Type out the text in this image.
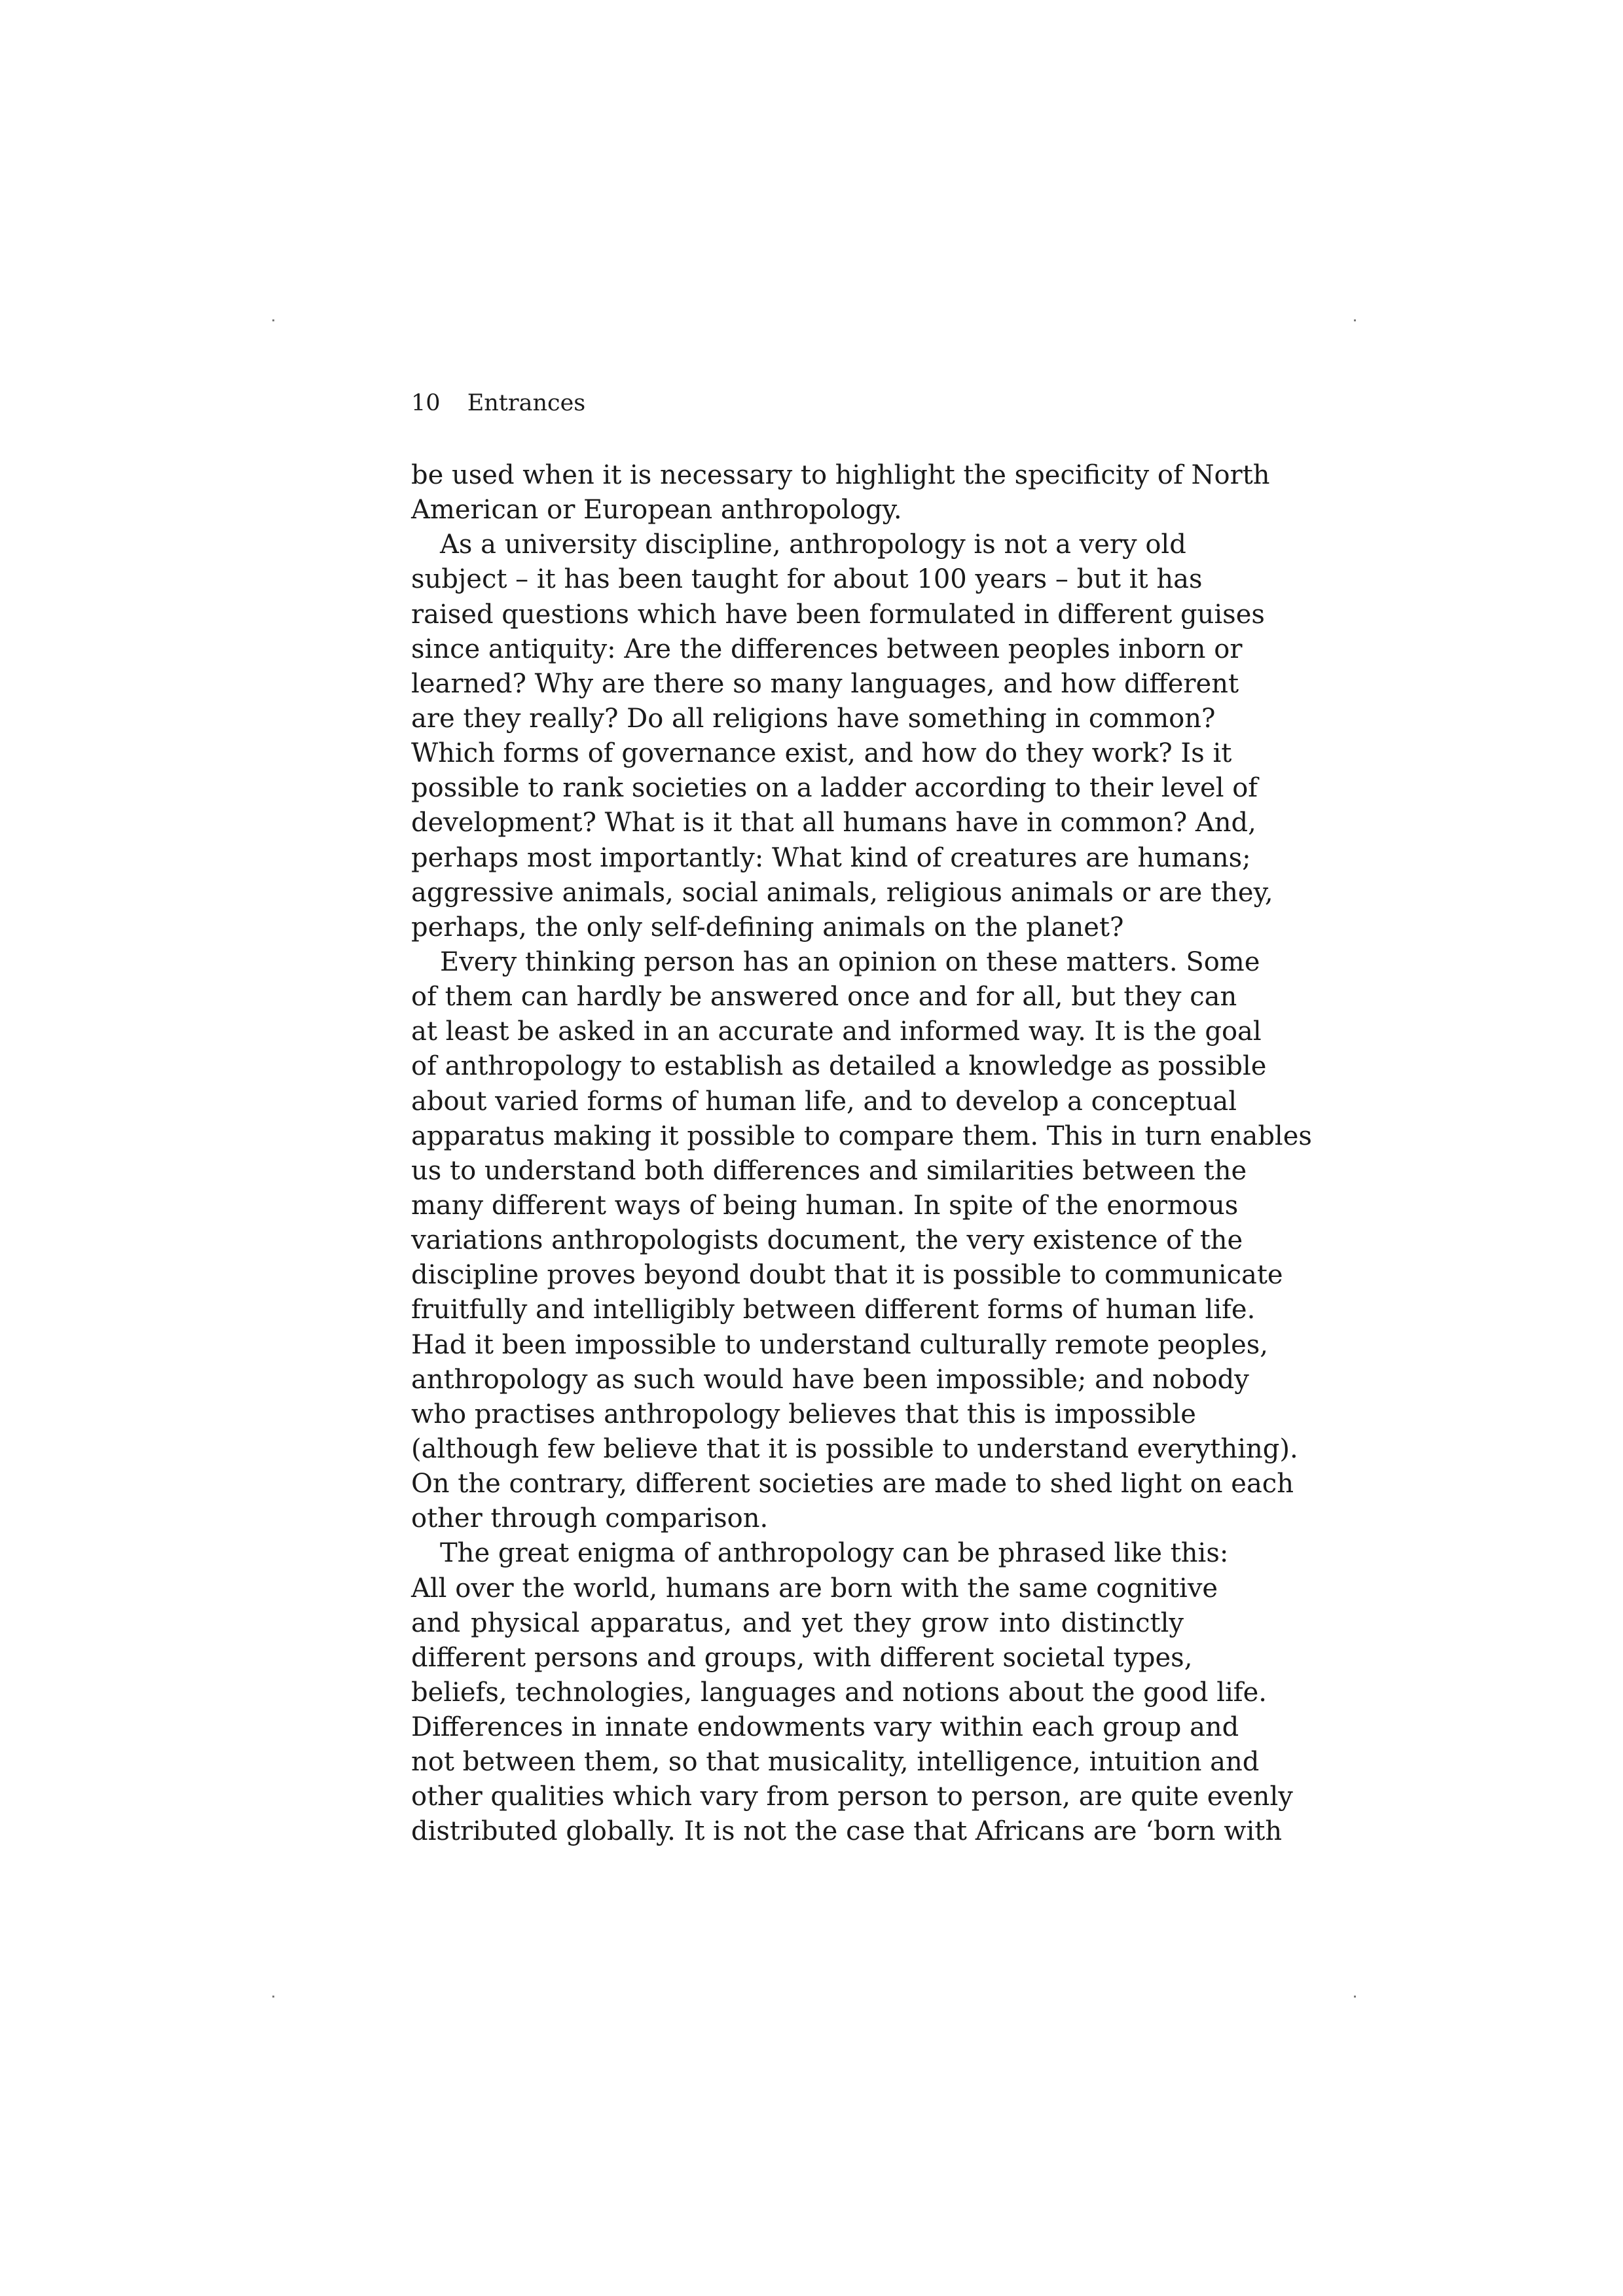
10 Entrances
be used when it is necessary to highlight the specificity of North
American or European anthropology.
As a university discipline, anthropology is not a very old
subject – it has been taught for about 100 years – but it has
raised questions which have been formulated in different guises
since antiquity: Are the differences between peoples inborn or
learned? Why are there so many languages, and how different
are they really? Do all religions have something in common?
Which forms of governance exist, and how do they work? Is it
possible to rank societies on a ladder according to their level of
development? What is it that all humans have in common? And,
perhaps most importantly: What kind of creatures are humans;
aggressive animals, social animals, religious animals or are they,
perhaps, the only self-defining animals on the planet?
Every thinking person has an opinion on these matters. Some
of them can hardly be answered once and for all, but they can
at least be asked in an accurate and informed way. It is the goal
of anthropology to establish as detailed a knowledge as possible
about varied forms of human life, and to develop a conceptual
apparatus making it possible to compare them. This in turn enables
us to understand both differences and similarities between the
many different ways of being human. In spite of the enormous
variations anthropologists document, the very existence of the
discipline proves beyond doubt that it is possible to communicate
fruitfully and intelligibly between different forms of human life.
Had it been impossible to understand culturally remote peoples,
anthropology as such would have been impossible; and nobody
who practises anthropology believes that this is impossible
(although few believe that it is possible to understand everything).
On the contrary, different societies are made to shed light on each
other through comparison.
The great enigma of anthropology can be phrased like this:
All over the world, humans are born with the same cognitive
and physical apparatus, and yet they grow into distinctly
different persons and groups, with different societal types,
beliefs, technologies, languages and notions about the good life.
Differences in innate endowments vary within each group and
not between them, so that musicality, intelligence, intuition and
other qualities which vary from person to person, are quite evenly
distributed globally. It is not the case that Africans are ‘born with
